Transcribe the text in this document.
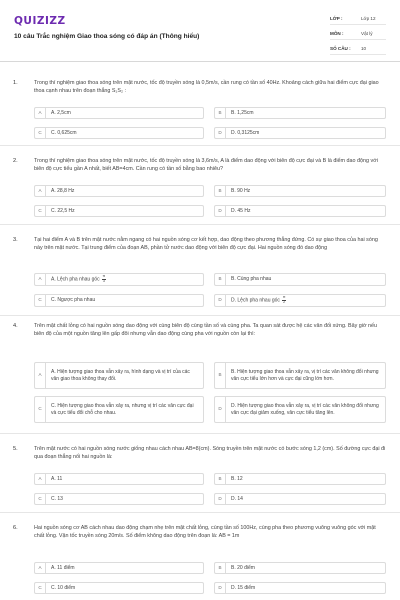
QUIZIZZ
10 câu Trắc nghiệm Giao thoa sóng có đáp án (Thông hiểu)
LỚP :	Lớp 12
MÔN :	Vật lý
SỐ CÂU :	10
1.	Trong thí nghiệm giao thoa sóng trên mặt nước, tốc độ truyền sóng là 0,5m/s, cần rung có tần số 40Hz. Khoảng cách giữa hai điểm cực đại giao thoa cạnh nhau trên đoạn thẳng S₁S₂ :
A	A. 2,5cm	B	B. 1,25cm
C	C. 0,625cm	D	D. 0,3125cm
2.	Trong thí nghiệm giao thoa sóng trên mặt nước, tốc độ truyền sóng là 3,6m/s, A là điểm dao động với biên độ cực đại và B là điểm dao động với biên độ cực tiểu gần A nhất, biết AB=4cm. Cần rung có tần số bằng bao nhiêu?
A	A. 28,8 Hz	B	B. 90 Hz
C	C. 22,5 Hz	D	D. 45 Hz
3.	Tại hai điểm A và B trên mặt nước nằm ngang có hai nguồn sóng cơ kết hợp, dao động theo phương thẳng đứng. Có sự giao thoa của hai sóng này trên mặt nước. Tại trung điểm của đoạn AB, phần tử nước dao động với biên độ cực đại. Hai nguồn sóng đó dao động
A	A. Lệch pha nhau góc $\frac{\pi}{3}$	B	B. Cùng pha nhau
C	C. Ngược pha nhau	D	D. Lệch pha nhau góc $\frac{\pi}{2}$
4.	Trên mặt chất lỏng có hai nguồn sóng dao động với cùng biên độ cùng tần số và cùng pha. Ta quan sát được hệ các vân đối xứng. Bây giờ nếu biên độ của một nguồn tăng lên gấp đôi nhưng vẫn dao động cùng pha với nguồn còn lại thì:
A
A. Hiện tượng giao thoa vẫn xảy ra, hình dạng và vị trí của các vân giao thoa không thay đổi.
B
B. Hiện tượng giao thoa vẫn xảy ra, vị trí các vân không đổi nhưng vân cực tiểu lớn hơn và cực đại cũng lớn hơn.
C
C. Hiện tượng giao thoa vẫn xảy ra, nhưng vị trí các vân cực đại và cực tiểu đổi chỗ cho nhau.
D
D. Hiện tượng giao thoa vẫn xảy ra, vị trí các vân không đổi nhưng vân cực đại giảm xuống, vân cực tiểu tăng lên.
5.	Trên mặt nước có hai nguồn sóng nước giống nhau cách nhau AB=8(cm). Sóng truyền trên mặt nước có bước sóng 1,2 (cm). Số đường cực đại đi qua đoạn thẳng nối hai nguồn là:
A	A. 11	B	B. 12
C	C. 13	D	D. 14
6.	Hai nguồn sóng cơ AB cách nhau dao động chạm nhẹ trên mặt chất lỏng, cùng tần số 100Hz, cùng pha theo phương vuông vuông góc với mặt chất lỏng. Vận tốc truyền sóng 20m/s. Số điểm không dao động trên đoạn là: AB = 1m
A	A. 11 điểm	B	B. 20 điểm
C	C. 10 điểm	D	D. 15 điểm
